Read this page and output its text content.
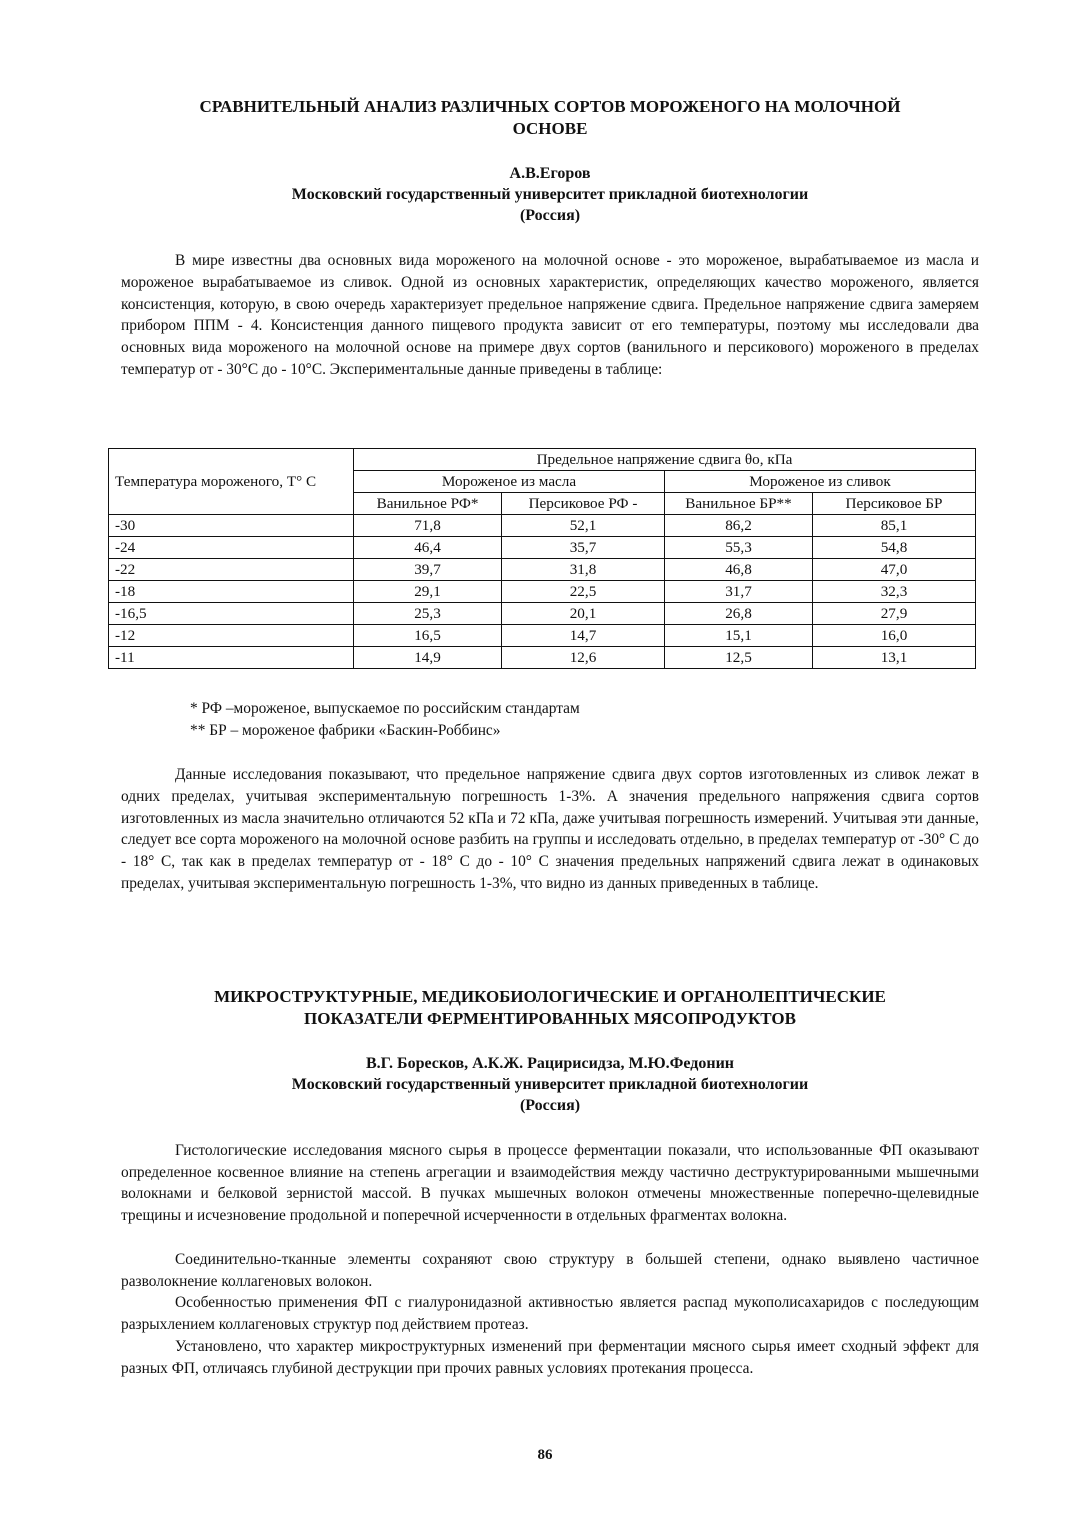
СРАВНИТЕЛЬНЫЙ АНАЛИЗ РАЗЛИЧНЫХ СОРТОВ МОРОЖЕНОГО НА МОЛОЧНОЙ

ОСНОВЕ

А.В.Егоров

Московский государственный университет прикладной биотехнологии

(Россия)

В мире известны два основных вида мороженого на молочной основе - это мороженое, вырабатываемое из масла и мороженое вырабатываемое из сливок. Одной из основных характеристик, определяющих качество мороженого, является консистенция, которую, в свою очередь характеризует предельное напряжение сдвига. Предельное напряжение сдвига замеряем прибором ППМ - 4. Консистенция данного пищевого продукта зависит от его температуры, поэтому мы исследовали два основных вида мороженого на молочной основе на примере двух сортов (ванильного и персикового) мороженого в пределах температур от - 30°С до - 10°С. Экспериментальные данные приведены в таблице:

	Предельное напряжение сдвига θо, кПа			
Температура мороженого, Т° С	Мороженое из масла		Мороженое из сливок	
	Ванильное РФ*	Персиковое РФ -	Ванильное БР**	Персиковое БР
-30	71,8	52,1	86,2	85,1
-24	46,4	35,7	55,3	54,8
-22	39,7	31,8	46,8	47,0
-18	29,1	22,5	31,7	32,3
-16,5	25,3	20,1	26,8	27,9
-12	16,5	14,7	15,1	16,0
-11	14,9	12,6	12,5	13,1
* РФ –мороженое, выпускаемое по российским стандартам
** БР – мороженое фабрики «Баскин-Роббинс»

Данные исследования показывают, что предельное напряжение сдвига двух сортов изготовленных из сливок лежат в одних пределах, учитывая экспериментальную погрешность 1-3%. А значения предельного напряжения сдвига сортов изготовленных из масла значительно отличаются 52 кПа и 72 кПа, даже учитывая погрешность измерений. Учитывая эти данные, следует все сорта мороженого на молочной основе разбить на группы и исследовать отдельно, в пределах температур от -30° С до - 18° С, так как в пределах температур от - 18° С до - 10° С значения предельных напряжений сдвига лежат в одинаковых пределах, учитывая экспериментальную погрешность 1-3%, что видно из данных приведенных в таблице.

МИКРОСТРУКТУРНЫЕ, МЕДИКОБИОЛОГИЧЕСКИЕ И ОРГАНОЛЕПТИЧЕСКИЕ

ПОКАЗАТЕЛИ ФЕРМЕНТИРОВАННЫХ МЯСОПРОДУКТОВ

В.Г. Боресков, А.К.Ж. Рацирисидза, М.Ю.Федонин

Московский государственный университет прикладной биотехнологии

(Россия)

Гистологические исследования мясного сырья в процессе ферментации показали, что использованные ФП оказывают определенное косвенное влияние на степень агрегации и взаимодействия между частично деструктурированными мышечными волокнами и белковой зернистой массой. В пучках мышечных волокон отмечены множественные поперечно-щелевидные трещины и исчезновение продольной и поперечной исчерченности в отдельных фрагментах волокна.

Соединительно-тканные элементы сохраняют свою структуру в большей степени, однако выявлено частичное разволокнение коллагеновых волокон.

Особенностью применения ФП с гиалуронидазной активностью является распад мукополисахаридов с последующим разрыхлением коллагеновых структур под действием протеаз.

Установлено, что характер микроструктурных изменений при ферментации мясного сырья имеет сходный эффект для разных ФП, отличаясь глубиной деструкции при прочих равных условиях протекания процесса.

86
